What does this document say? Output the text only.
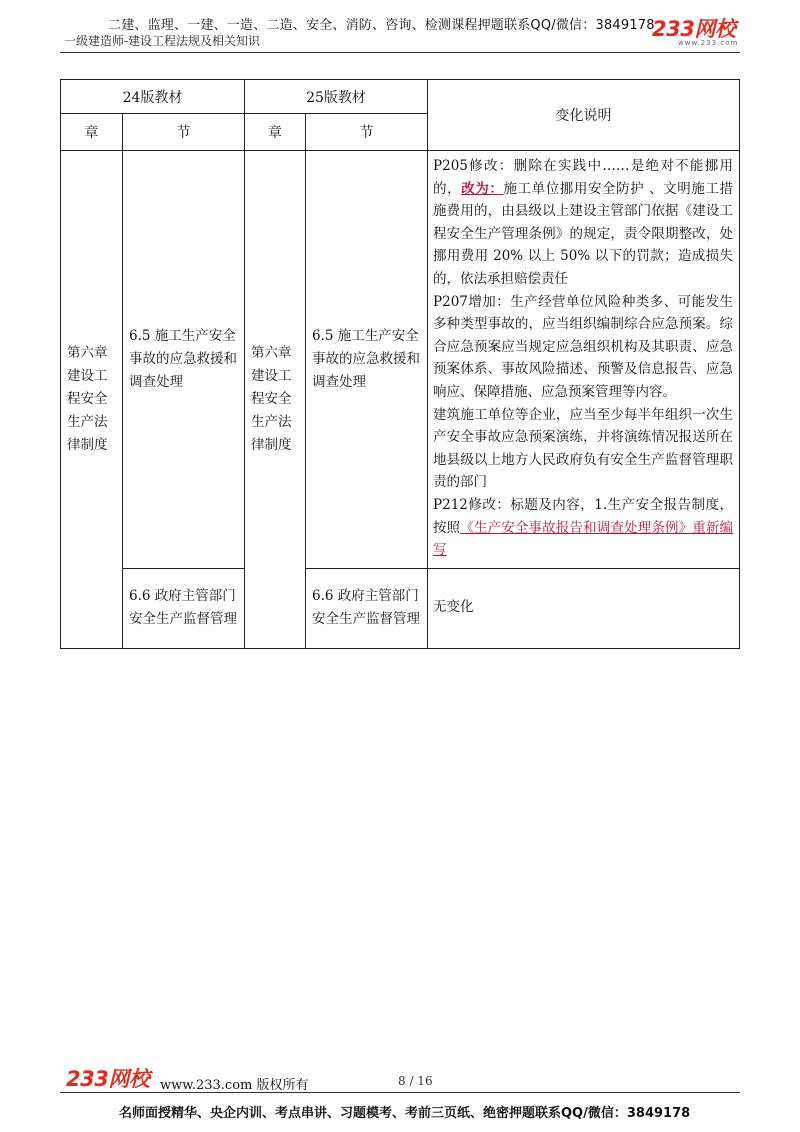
二建、监理、一建、一造、二造、安全、消防、咨询、检测课程押题联系QQ/微信：3849178
一级建造师-建设工程法规及相关知识	233网校
www.233.com
24版教材		25版教材		变化说明
章	节	章	节	
第六章建设工程安全生产法律制度	6.5 施工生产安全事故的应急救援和调查处理	第六章建设工程安全生产法律制度	6.5 施工生产安全事故的应急救援和调查处理	P205修改：删除在实践中……是绝对不能挪用的，改为：施工单位挪用安全防护 、文明施工措施费用的，由县级以上建设主管部门依据《建设工程安全生产管理条例》的规定，责令限期整改，处挪用费用 20% 以上 50% 以下的罚款；造成损失的，依法承担赔偿责任

P207增加：生产经营单位风险种类多、可能发生多种类型事故的，应当组织编制综合应急预案。综合应急预案应当规定应急组织机构及其职责、应急预案体系、事故风险描述、预警及信息报告、应急响应、保障措施、应急预案管理等内容。

建筑施工单位等企业，应当至少每半年组织一次生产安全事故应急预案演练，并将演练情况报送所在地县级以上地方人民政府负有安全生产监督管理职责的部门

P212修改：标题及内容，1.生产安全报告制度，按照《生产安全事故报告和调查处理条例》重新编写

	6.6 政府主管部门安全生产监督管理		6.6 政府主管部门安全生产监督管理	无变化
233网校 www.233.com 版权所有	8 / 16
名师面授精华、央企内训、考点串讲、习题模考、考前三页纸、绝密押题联系QQ/微信：3849178
